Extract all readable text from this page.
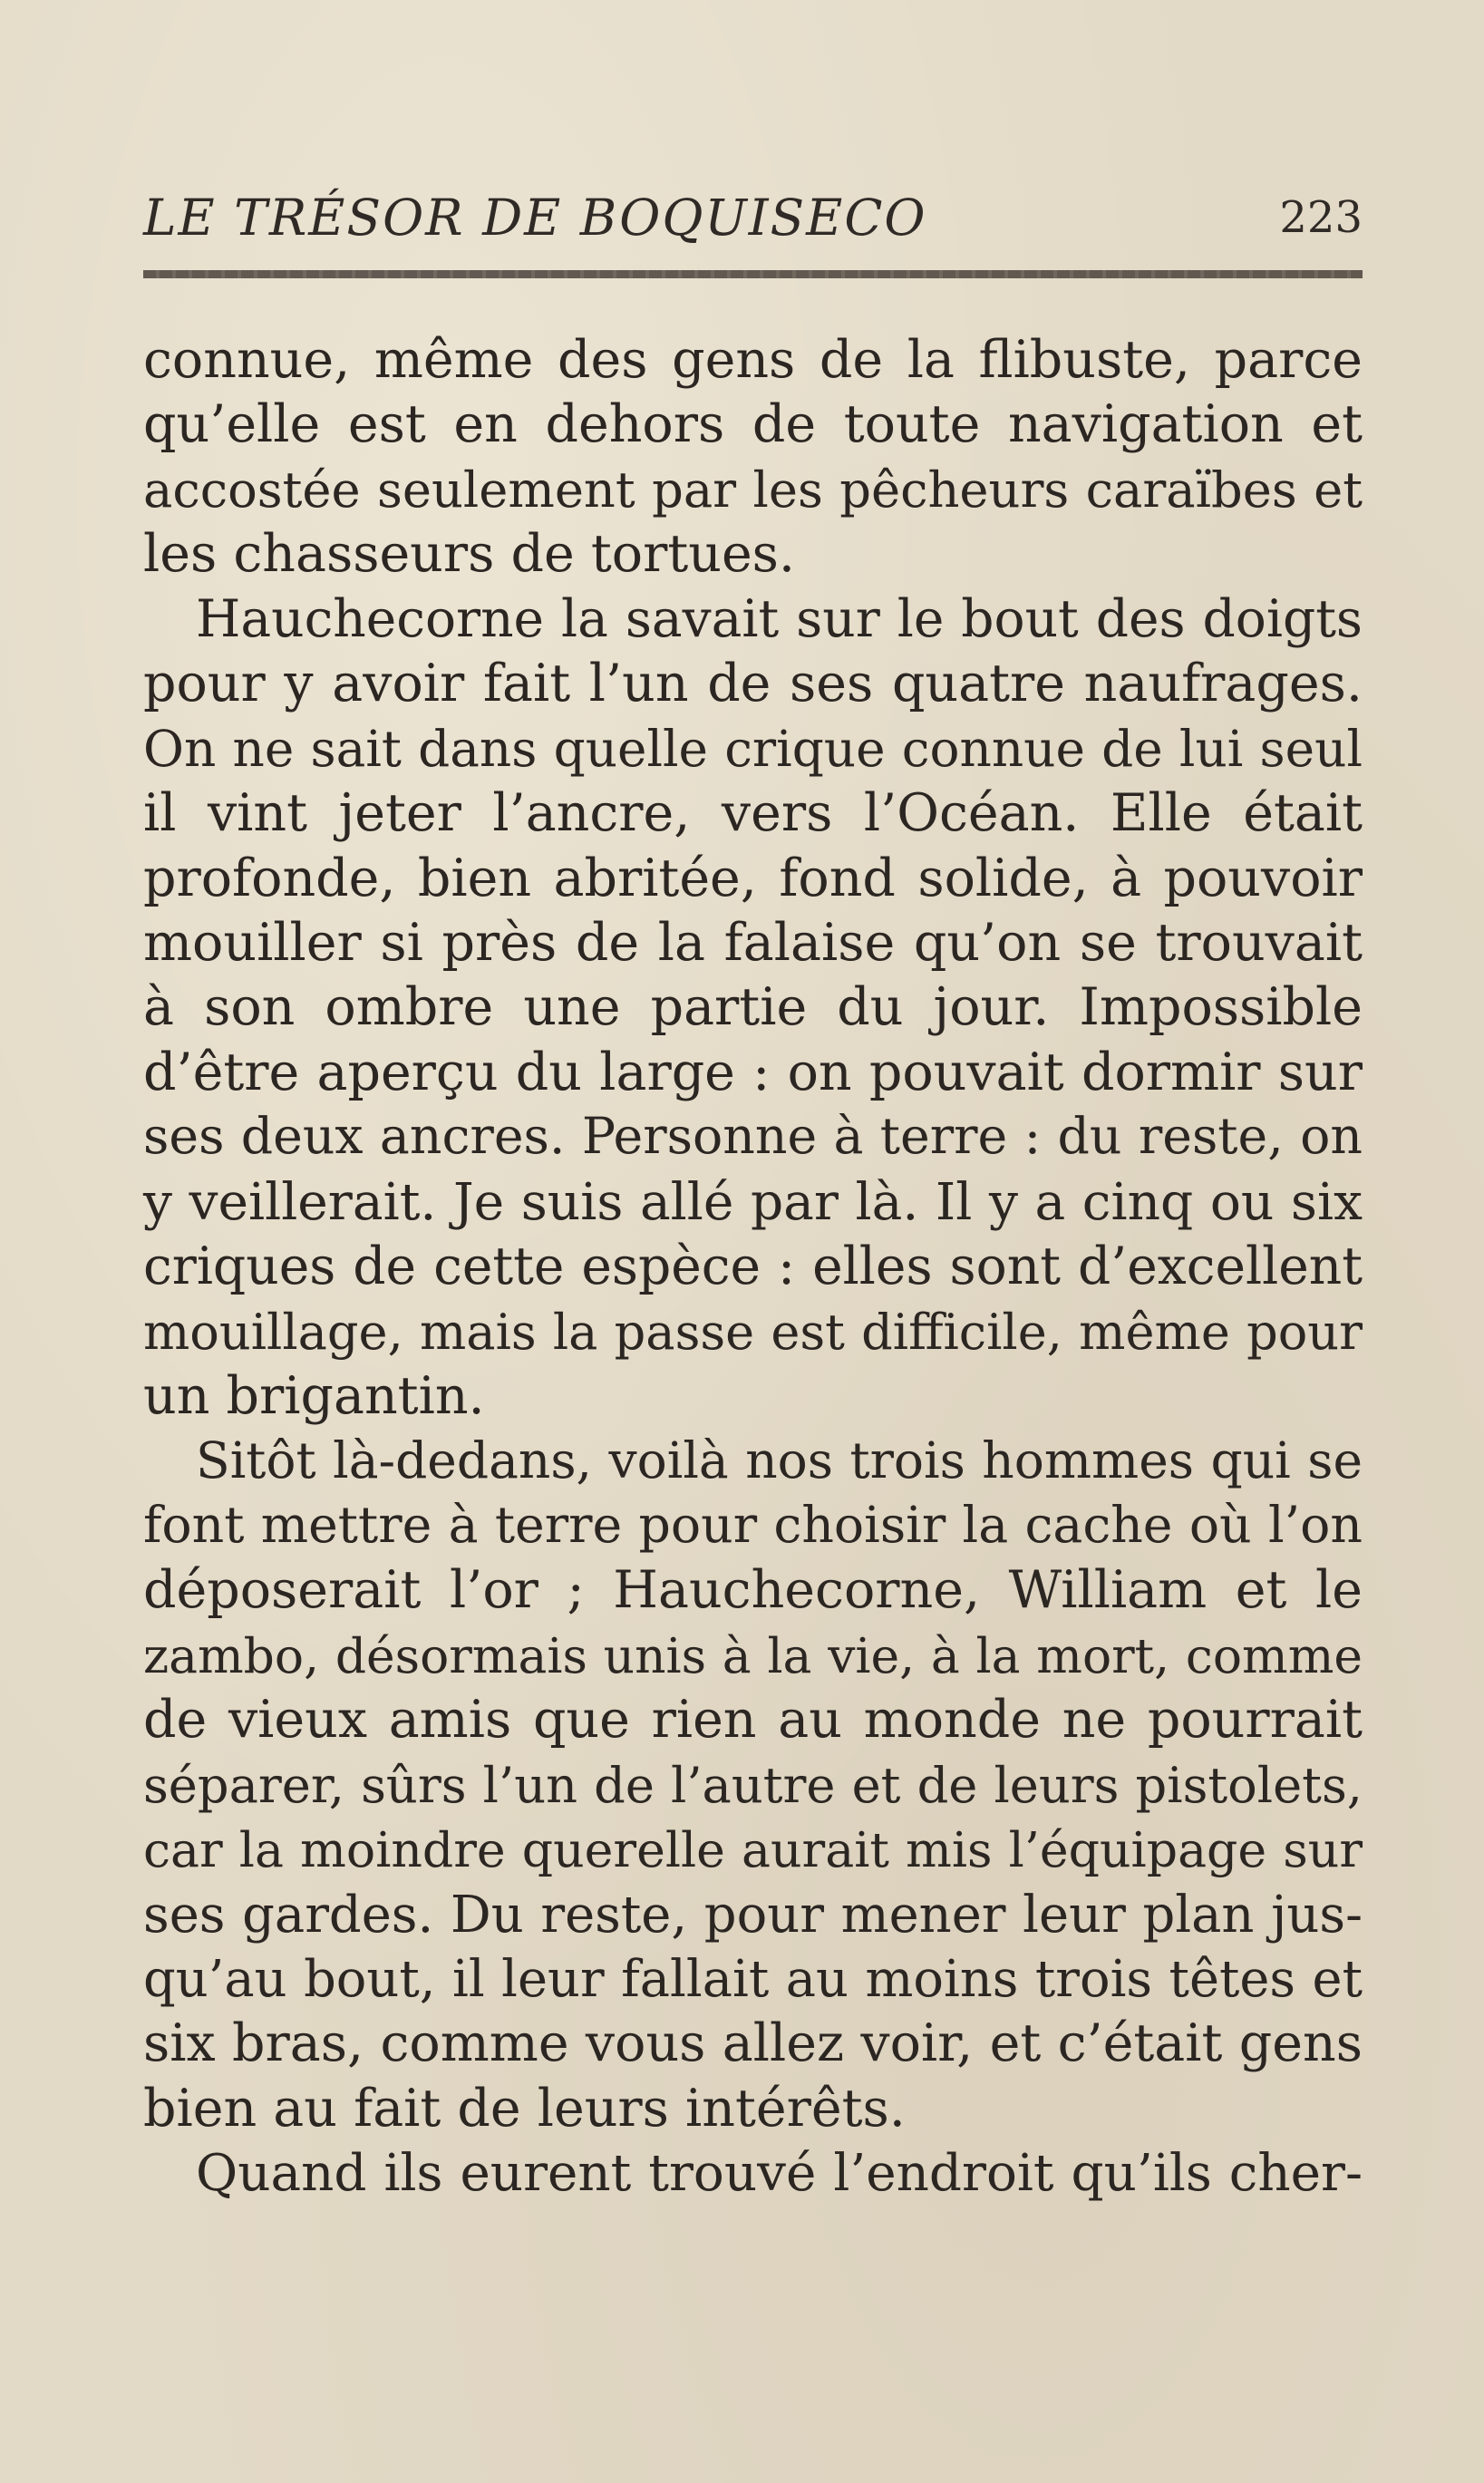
LE TRÉSOR DE BOQUISECO	223
connue, même des gens de la flibuste, parce
qu’elle est en dehors de toute navigation et
accostée seulement par les pêcheurs caraïbes et
les chasseurs de tortues.
Hauchecorne la savait sur le bout des doigts
pour y avoir fait l’un de ses quatre naufrages.
On ne sait dans quelle crique connue de lui seul
il vint jeter l’ancre, vers l’Océan. Elle était
profonde, bien abritée, fond solide, à pouvoir
mouiller si près de la falaise qu’on se trouvait
à son ombre une partie du jour. Impossible
d’être aperçu du large : on pouvait dormir sur
ses deux ancres. Personne à terre : du reste, on
y veillerait. Je suis allé par là. Il y a cinq ou six
criques de cette espèce : elles sont d’excellent
mouillage, mais la passe est difficile, même pour
un brigantin.
Sitôt là-dedans, voilà nos trois hommes qui se
font mettre à terre pour choisir la cache où l’on
déposerait l’or ; Hauchecorne, William et le
zambo, désormais unis à la vie, à la mort, comme
de vieux amis que rien au monde ne pourrait
séparer, sûrs l’un de l’autre et de leurs pistolets,
car la moindre querelle aurait mis l’équipage sur
ses gardes. Du reste, pour mener leur plan jus-
qu’au bout, il leur fallait au moins trois têtes et
six bras, comme vous allez voir, et c’était gens
bien au fait de leurs intérêts.
Quand ils eurent trouvé l’endroit qu’ils cher-
